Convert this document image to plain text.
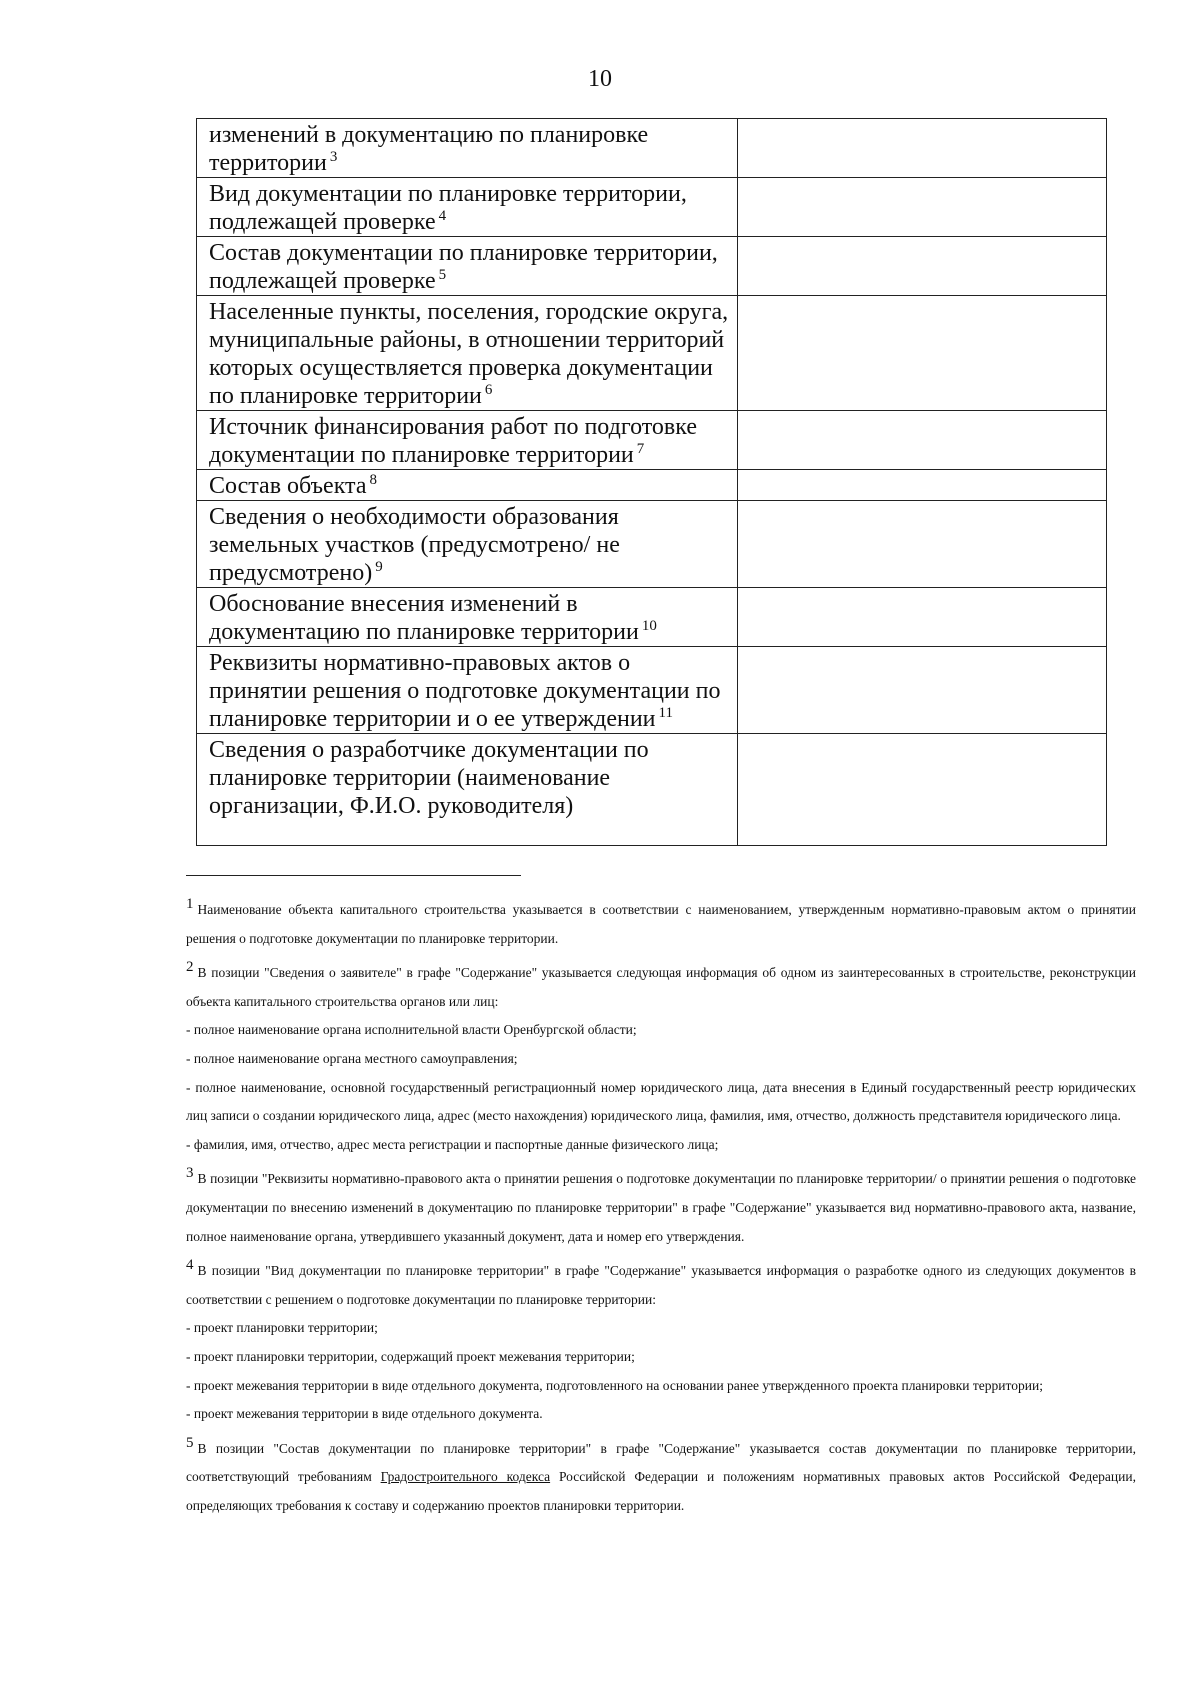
10
изменений в документацию по планировке территории $^3$	
Вид документации по планировке территории, подлежащей проверке $^4$	
Состав документации по планировке территории, подлежащей проверке $^5$	
Населенные пункты, поселения, городские округа, муниципальные районы, в отношении территорий которых осуществляется проверка документации по планировке территории $^6$	
Источник финансирования работ по подготовке документации по планировке территории $^7$	
Состав объекта $^8$	
Сведения о необходимости образования земельных участков (предусмотрено/ не предусмотрено) $^9$	
Обоснование внесения изменений в документацию по планировке территории $^{10}$	
Реквизиты нормативно-правовых актов о принятии решения о подготовке документации по планировке территории и о ее утверждении $^{11}$	
Сведения о разработчике документации по планировке территории (наименование организации, Ф.И.О. руководителя)	

1 Наименование объекта капитального строительства указывается в соответствии с наименованием, утвержденным нормативно-правовым актом о принятии решения о подготовке документации по планировке территории.

2 В позиции "Сведения о заявителе" в графе "Содержание" указывается следующая информация об одном из заинтересованных в строительстве, реконструкции объекта капитального строительства органов или лиц:

- полное наименование органа исполнительной власти Оренбургской области;

- полное наименование органа местного самоуправления;

- полное наименование, основной государственный регистрационный номер юридического лица, дата внесения в Единый государственный реестр юридических лиц записи о создании юридического лица, адрес (место нахождения) юридического лица, фамилия, имя, отчество, должность представителя юридического лица.

- фамилия, имя, отчество, адрес места регистрации и паспортные данные физического лица;

3 В позиции "Реквизиты нормативно-правового акта о принятии решения о подготовке документации по планировке территории/ о принятии решения о подготовке документации по внесению изменений в документацию по планировке территории" в графе "Содержание" указывается вид нормативно-правового акта, название, полное наименование органа, утвердившего указанный документ, дата и номер его утверждения.

4 В позиции "Вид документации по планировке территории" в графе "Содержание" указывается информация о разработке одного из следующих документов в соответствии с решением о подготовке документации по планировке территории:

- проект планировки территории;

- проект планировки территории, содержащий проект межевания территории;

- проект межевания территории в виде отдельного документа, подготовленного на основании ранее утвержденного проекта планировки территории;

- проект межевания территории в виде отдельного документа.

5 В позиции "Состав документации по планировке территории" в графе "Содержание" указывается состав документации по планировке территории, соответствующий требованиям Градостроительного кодекса Российской Федерации и положениям нормативных правовых актов Российской Федерации, определяющих требования к составу и содержанию проектов планировки территории.
